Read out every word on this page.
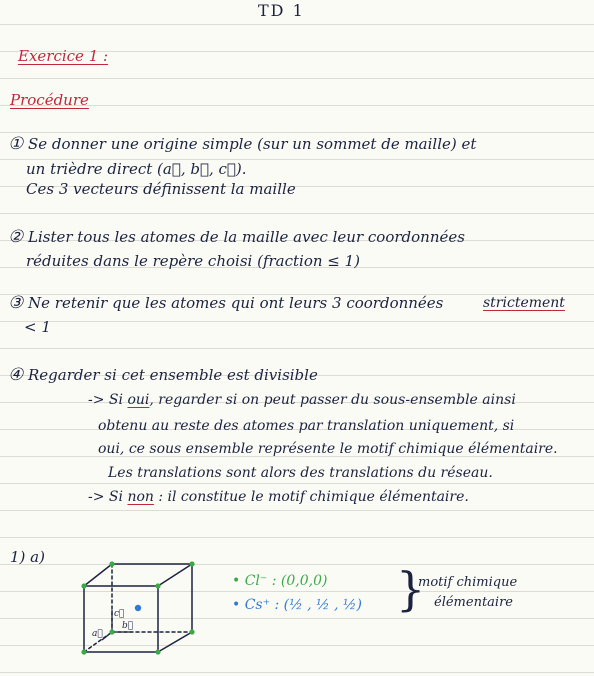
TD 1
Exercice 1 :
Procédure
① Se donner une origine simple (sur un sommet de maille) et
un trièdre direct (a⃗, b⃗, c⃗).
Ces 3 vecteurs définissent la maille
② Lister tous les atomes de la maille avec leur coordonnées
réduites dans le repère choisi (fraction ≤ 1)
③ Ne retenir que les atomes qui ont leurs 3 coordonnées	strictement
< 1
④ Regarder si cet ensemble est divisible
-> Si oui, regarder si on peut passer du sous-ensemble ainsi
obtenu au reste des atomes par translation uniquement, si
oui, ce sous ensemble représente le motif chimique élémentaire.
Les translations sont alors des translations du réseau.
-> Si non : il constitue le motif chimique élémentaire.
1) a)
c⃗
a⃗
b⃗
• Cl⁻ : (0,0,0)
• Cs⁺ : (½ , ½ , ½) }
motif chimique
élémentaire
